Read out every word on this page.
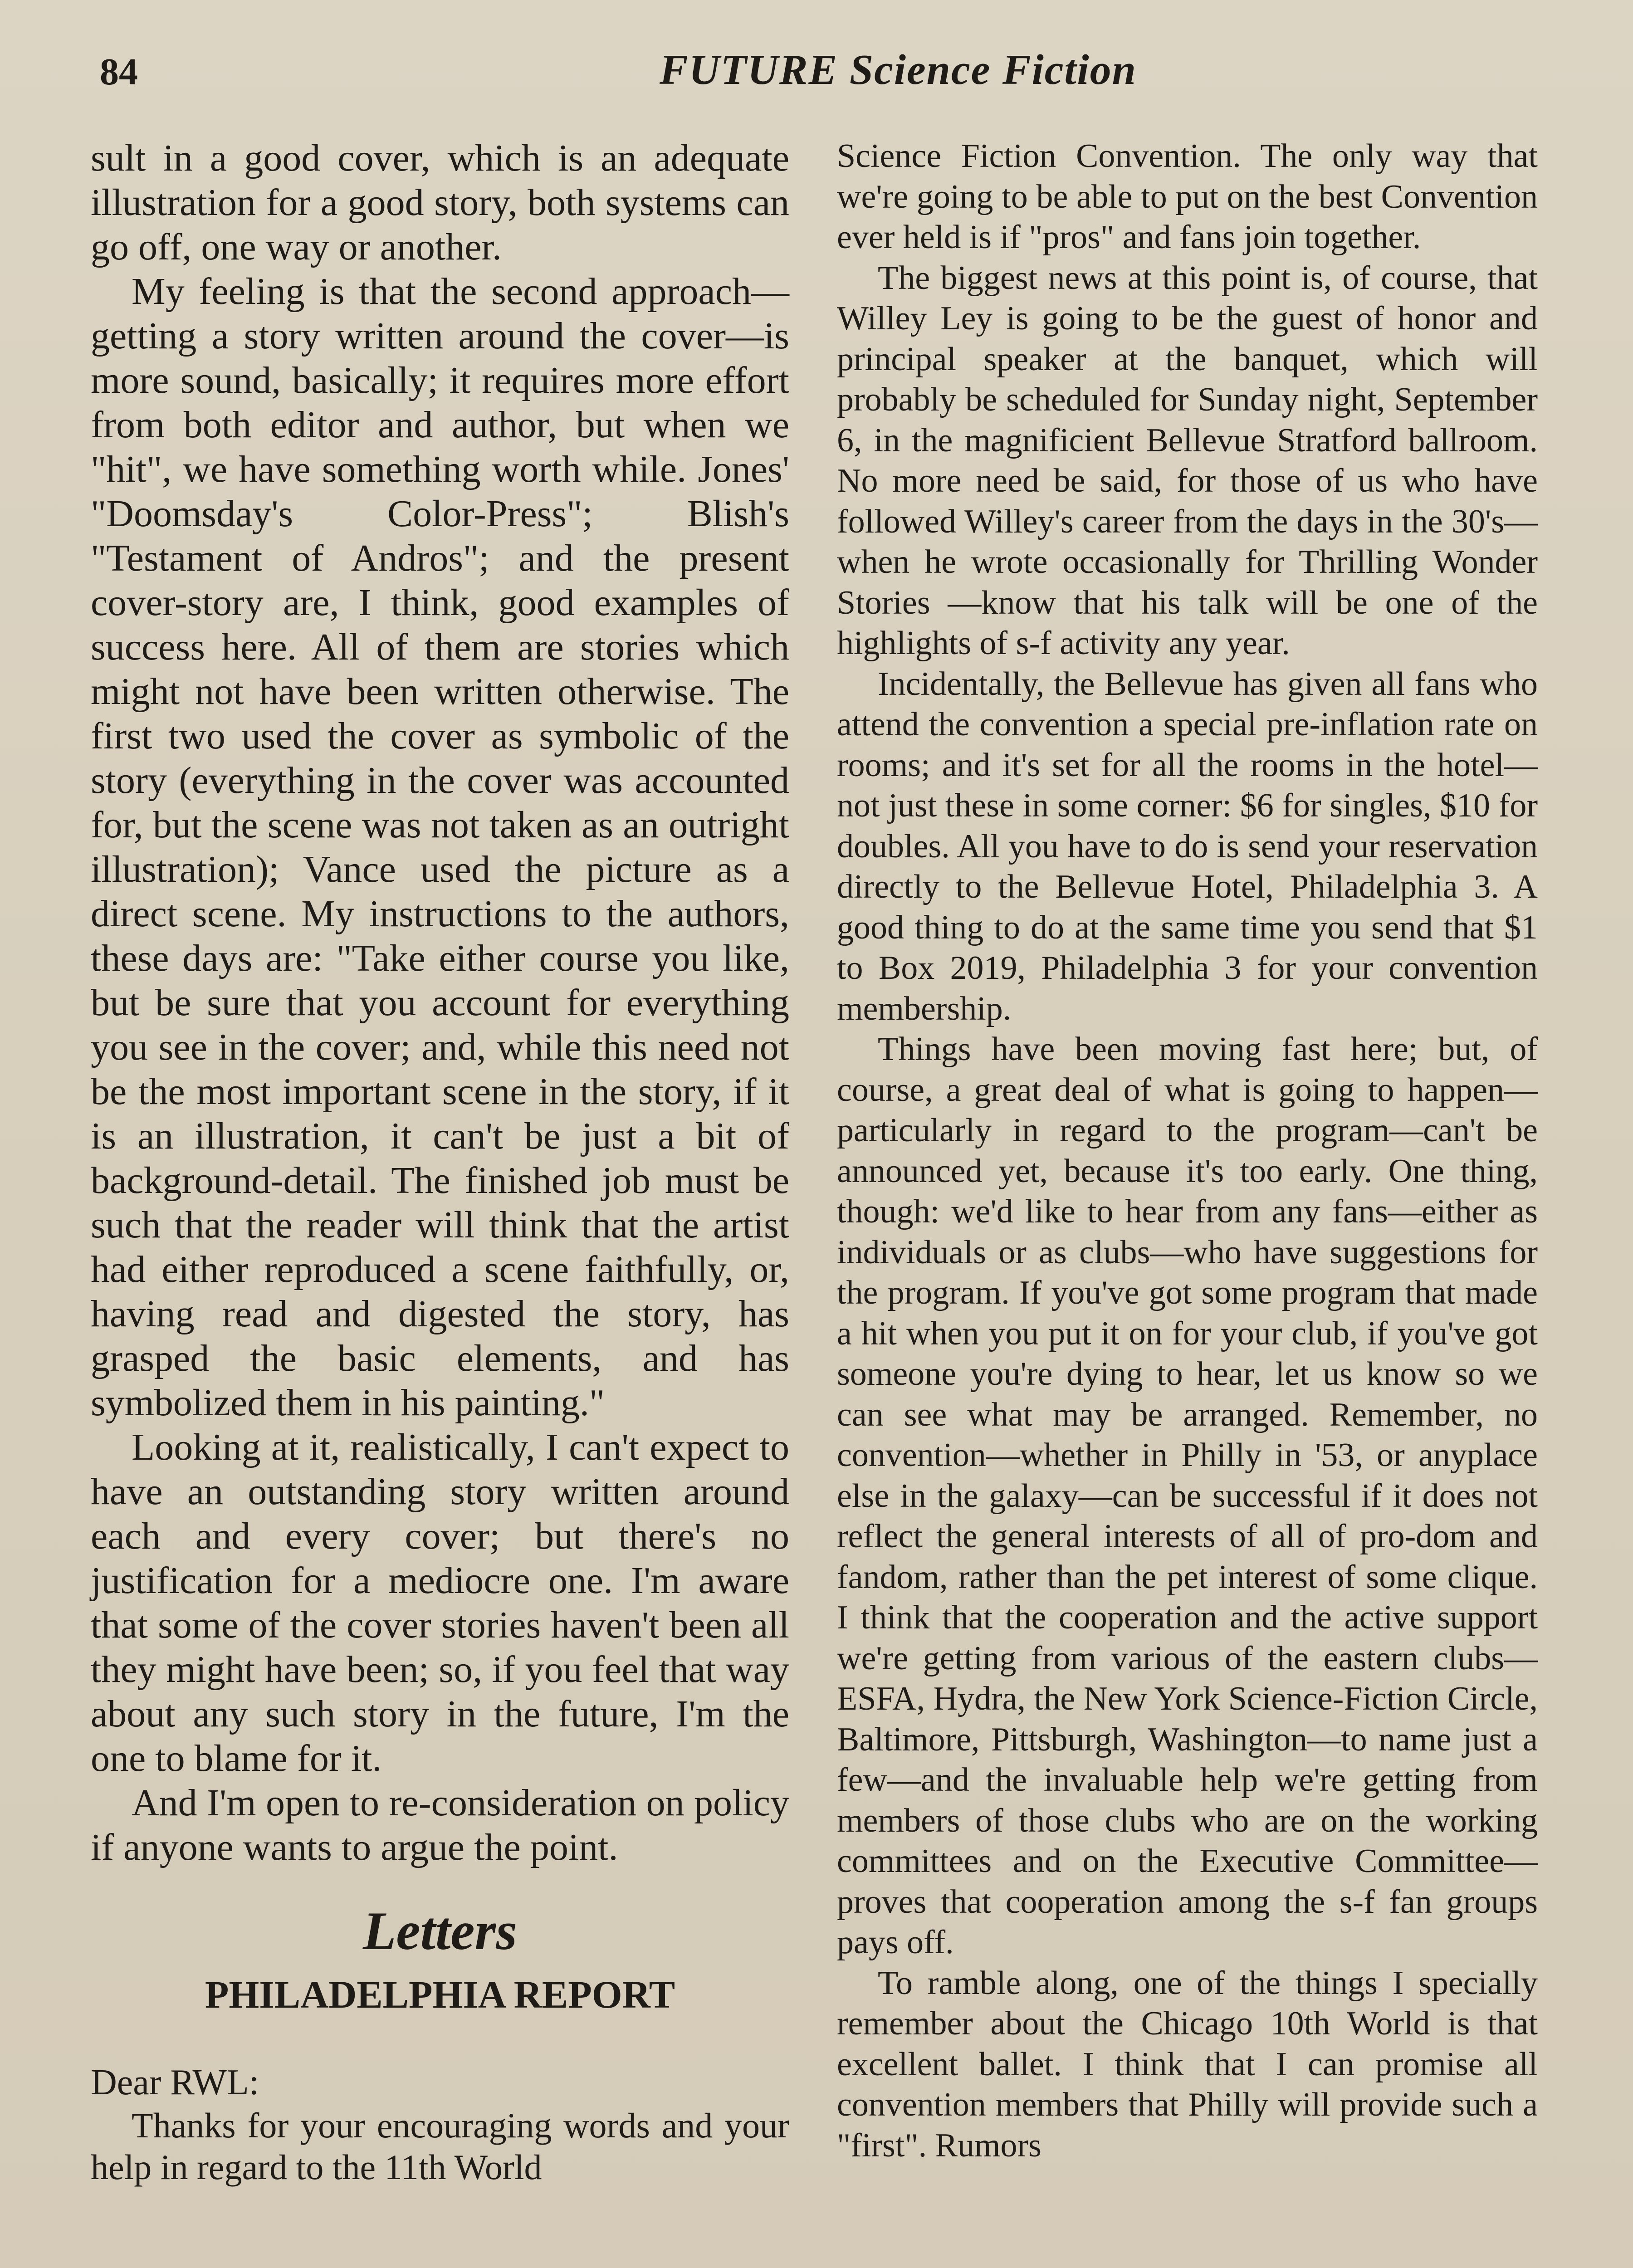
84	FUTURE Science Fiction

sult in a good cover, which is an adequate illustration for a good story, both systems can go off, one way or another.

My feeling is that the second approach—getting a story written around the cover—is more sound, basically; it requires more effort from both editor and author, but when we "hit", we have something worth while. Jones' "Doomsday's Color-Press"; Blish's "Testament of Andros"; and the present cover-story are, I think, good examples of success here. All of them are stories which might not have been written otherwise. The first two used the cover as symbolic of the story (everything in the cover was accounted for, but the scene was not taken as an outright illustration); Vance used the picture as a direct scene. My instructions to the authors, these days are: "Take either course you like, but be sure that you account for everything you see in the cover; and, while this need not be the most important scene in the story, if it is an illustration, it can't be just a bit of background-detail. The finished job must be such that the reader will think that the artist had either reproduced a scene faithfully, or, having read and digested the story, has grasped the basic elements, and has symbolized them in his painting."

Looking at it, realistically, I can't expect to have an outstanding story written around each and every cover; but there's no justification for a mediocre one. I'm aware that some of the cover stories haven't been all they might have been; so, if you feel that way about any such story in the future, I'm the one to blame for it.

And I'm open to re-consideration on policy if anyone wants to argue the point.

Letters
PHILADELPHIA REPORT

Dear RWL:

Thanks for your encouraging words and your help in regard to the 11th World

Science Fiction Convention. The only way that we're going to be able to put on the best Convention ever held is if "pros" and fans join together.

The biggest news at this point is, of course, that Willey Ley is going to be the guest of honor and principal speaker at the banquet, which will probably be scheduled for Sunday night, September 6, in the magnificient Bellevue Stratford ballroom. No more need be said, for those of us who have followed Willey's career from the days in the 30's—when he wrote occasionally for Thrilling Wonder Stories —know that his talk will be one of the highlights of s-f activity any year.

Incidentally, the Bellevue has given all fans who attend the convention a special pre-inflation rate on rooms; and it's set for all the rooms in the hotel—not just these in some corner: $6 for singles, $10 for doubles. All you have to do is send your reservation directly to the Bellevue Hotel, Philadelphia 3. A good thing to do at the same time you send that $1 to Box 2019, Philadelphia 3 for your convention membership.

Things have been moving fast here; but, of course, a great deal of what is going to happen—particularly in regard to the program—can't be announced yet, because it's too early. One thing, though: we'd like to hear from any fans—either as individuals or as clubs—who have suggestions for the program. If you've got some program that made a hit when you put it on for your club, if you've got someone you're dying to hear, let us know so we can see what may be arranged. Remember, no convention—whether in Philly in '53, or anyplace else in the galaxy—can be successful if it does not reflect the general interests of all of pro-dom and fandom, rather than the pet interest of some clique. I think that the cooperation and the active support we're getting from various of the eastern clubs—ESFA, Hydra, the New York Science-Fiction Circle, Baltimore, Pittsburgh, Washington—to name just a few—and the invaluable help we're getting from members of those clubs who are on the working committees and on the Executive Committee—proves that cooperation among the s-f fan groups pays off.

To ramble along, one of the things I specially remember about the Chicago 10th World is that excellent ballet. I think that I can promise all convention members that Philly will provide such a "first". Rumors
